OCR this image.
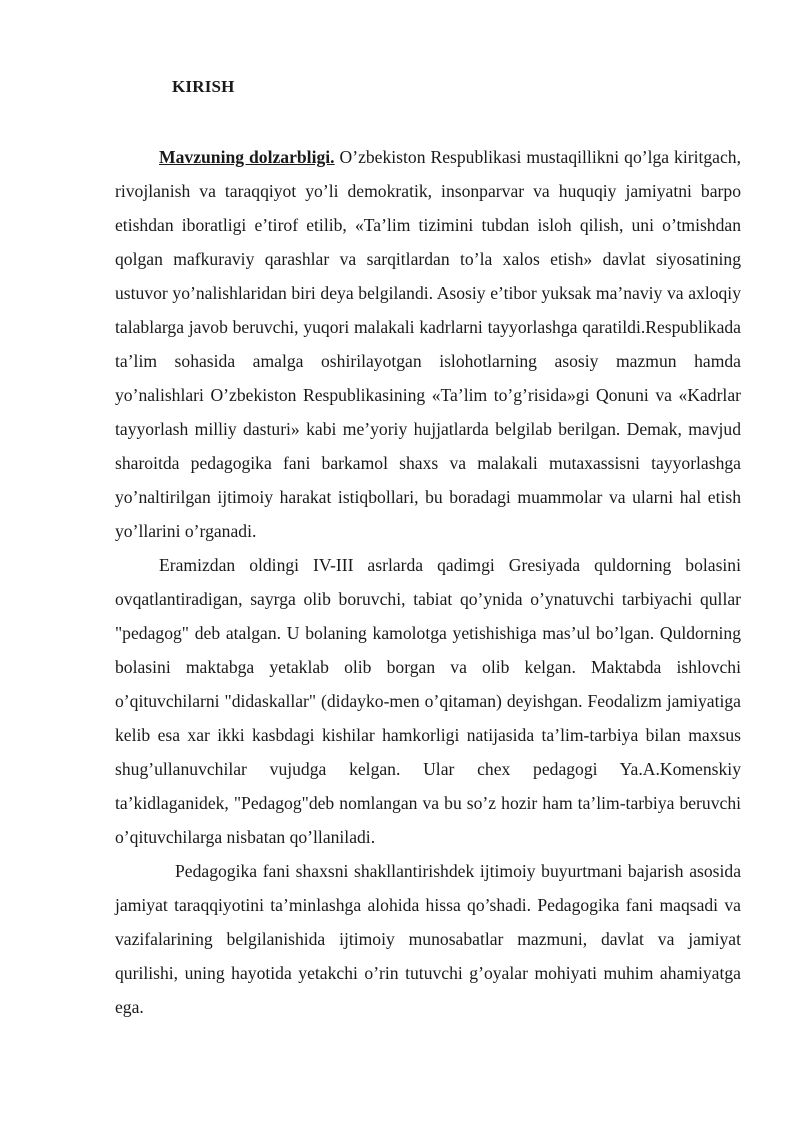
KIRISH

Mavzuning dolzarbligi. O’zbekiston Respublikasi mustaqillikni qo’lga kiritgach, rivojlanish va taraqqiyot yo’li demokratik, insonparvar va huquqiy jamiyatni barpo etishdan iboratligi e’tirof etilib, «Ta’lim tizimini tubdan isloh qilish, uni o’tmishdan qolgan mafkuraviy qarashlar va sarqitlardan to’la xalos etish» davlat siyosatining ustuvor yo’nalishlaridan biri deya belgilandi. Asosiy e’tibor yuksak ma’naviy va axloqiy talablarga javob beruvchi, yuqori malakali kadrlarni tayyorlashga qaratildi.Respublikada ta’lim sohasida amalga oshirilayotgan islohotlarning asosiy mazmun hamda yo’nalishlari O’zbekiston Respublikasining «Ta’lim to’g’risida»gi Qonuni va «Kadrlar tayyorlash milliy dasturi» kabi me’yoriy hujjatlarda belgilab berilgan. Demak, mavjud sharoitda pedagogika fani barkamol shaxs va malakali mutaxassisni tayyorlashga yo’naltirilgan ijtimoiy harakat istiqbollari, bu boradagi muammolar va ularni hal etish yo’llarini o’rganadi.

Eramizdan oldingi IV-III asrlarda qadimgi Gresiyada quldorning bolasini ovqatlantiradigan, sayrga olib boruvchi, tabiat qo’ynida o’ynatuvchi tarbiyachi qullar "pedagog" deb atalgan. U bolaning kamolotga yetishishiga mas’ul bo’lgan. Quldorning bolasini maktabga yetaklab olib borgan va olib kelgan. Maktabda ishlovchi o’qituvchilarni "didaskallar" (didayko-men o’qitaman) deyishgan. Feodalizm jamiyatiga kelib esa xar ikki kasbdagi kishilar hamkorligi natijasida ta’lim-tarbiya bilan maxsus shug’ullanuvchilar vujudga kelgan. Ular chex pedagogi Ya.A.Komenskiy ta’kidlaganidek, "Pedagog"deb nomlangan va bu so’z hozir ham ta’lim-tarbiya beruvchi o’qituvchilarga nisbatan qo’llaniladi.

Pedagogika fani shaxsni shakllantirishdek ijtimoiy buyurtmani bajarish asosida jamiyat taraqqiyotini ta’minlashga alohida hissa qo’shadi. Pedagogika fani maqsadi va vazifalarining belgilanishida ijtimoiy munosabatlar mazmuni, davlat va jamiyat qurilishi, uning hayotida yetakchi o’rin tutuvchi g’oyalar mohiyati muhim ahamiyatga ega.
